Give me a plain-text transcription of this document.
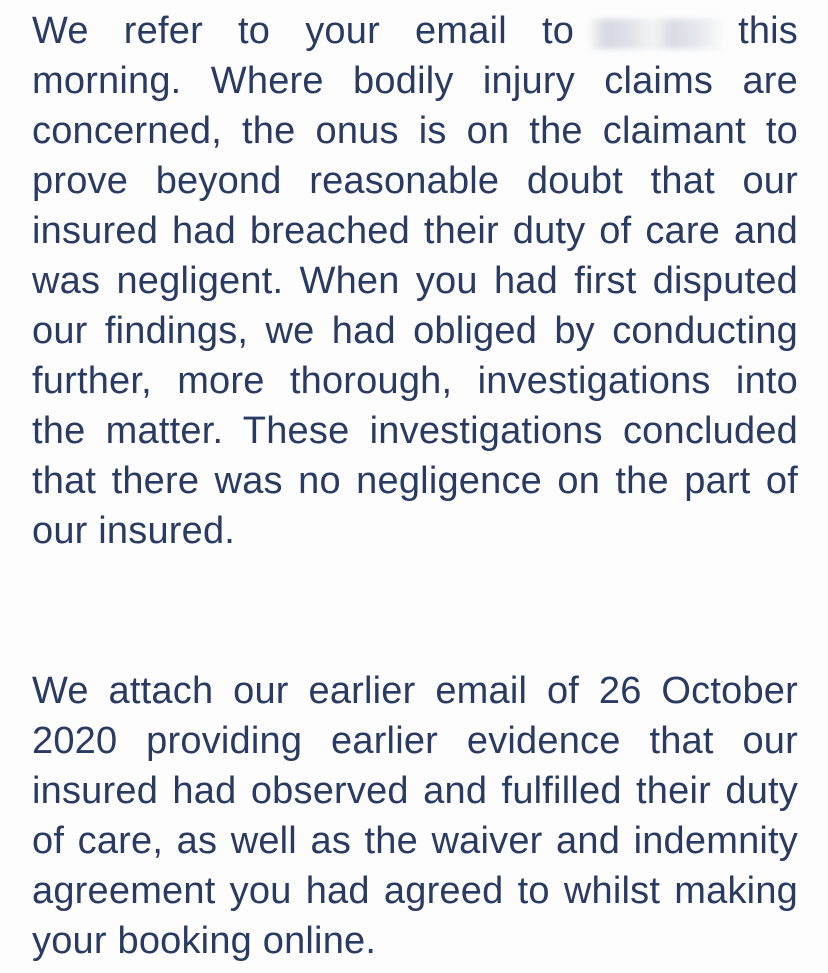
We refer to your email to	this morning. Where bodily injury claims are concerned, the onus is on the claimant to prove beyond reasonable doubt that our insured had breached their duty of care and was negligent. When you had first disputed our findings, we had obliged by conducting further, more thorough, investigations into the matter. These investigations concluded that there was no negligence on the part of our insured.

We attach our earlier email of 26 October 2020 providing earlier evidence that our insured had observed and fulfilled their duty of care, as well as the waiver and indemnity agreement you had agreed to whilst making your booking online.
